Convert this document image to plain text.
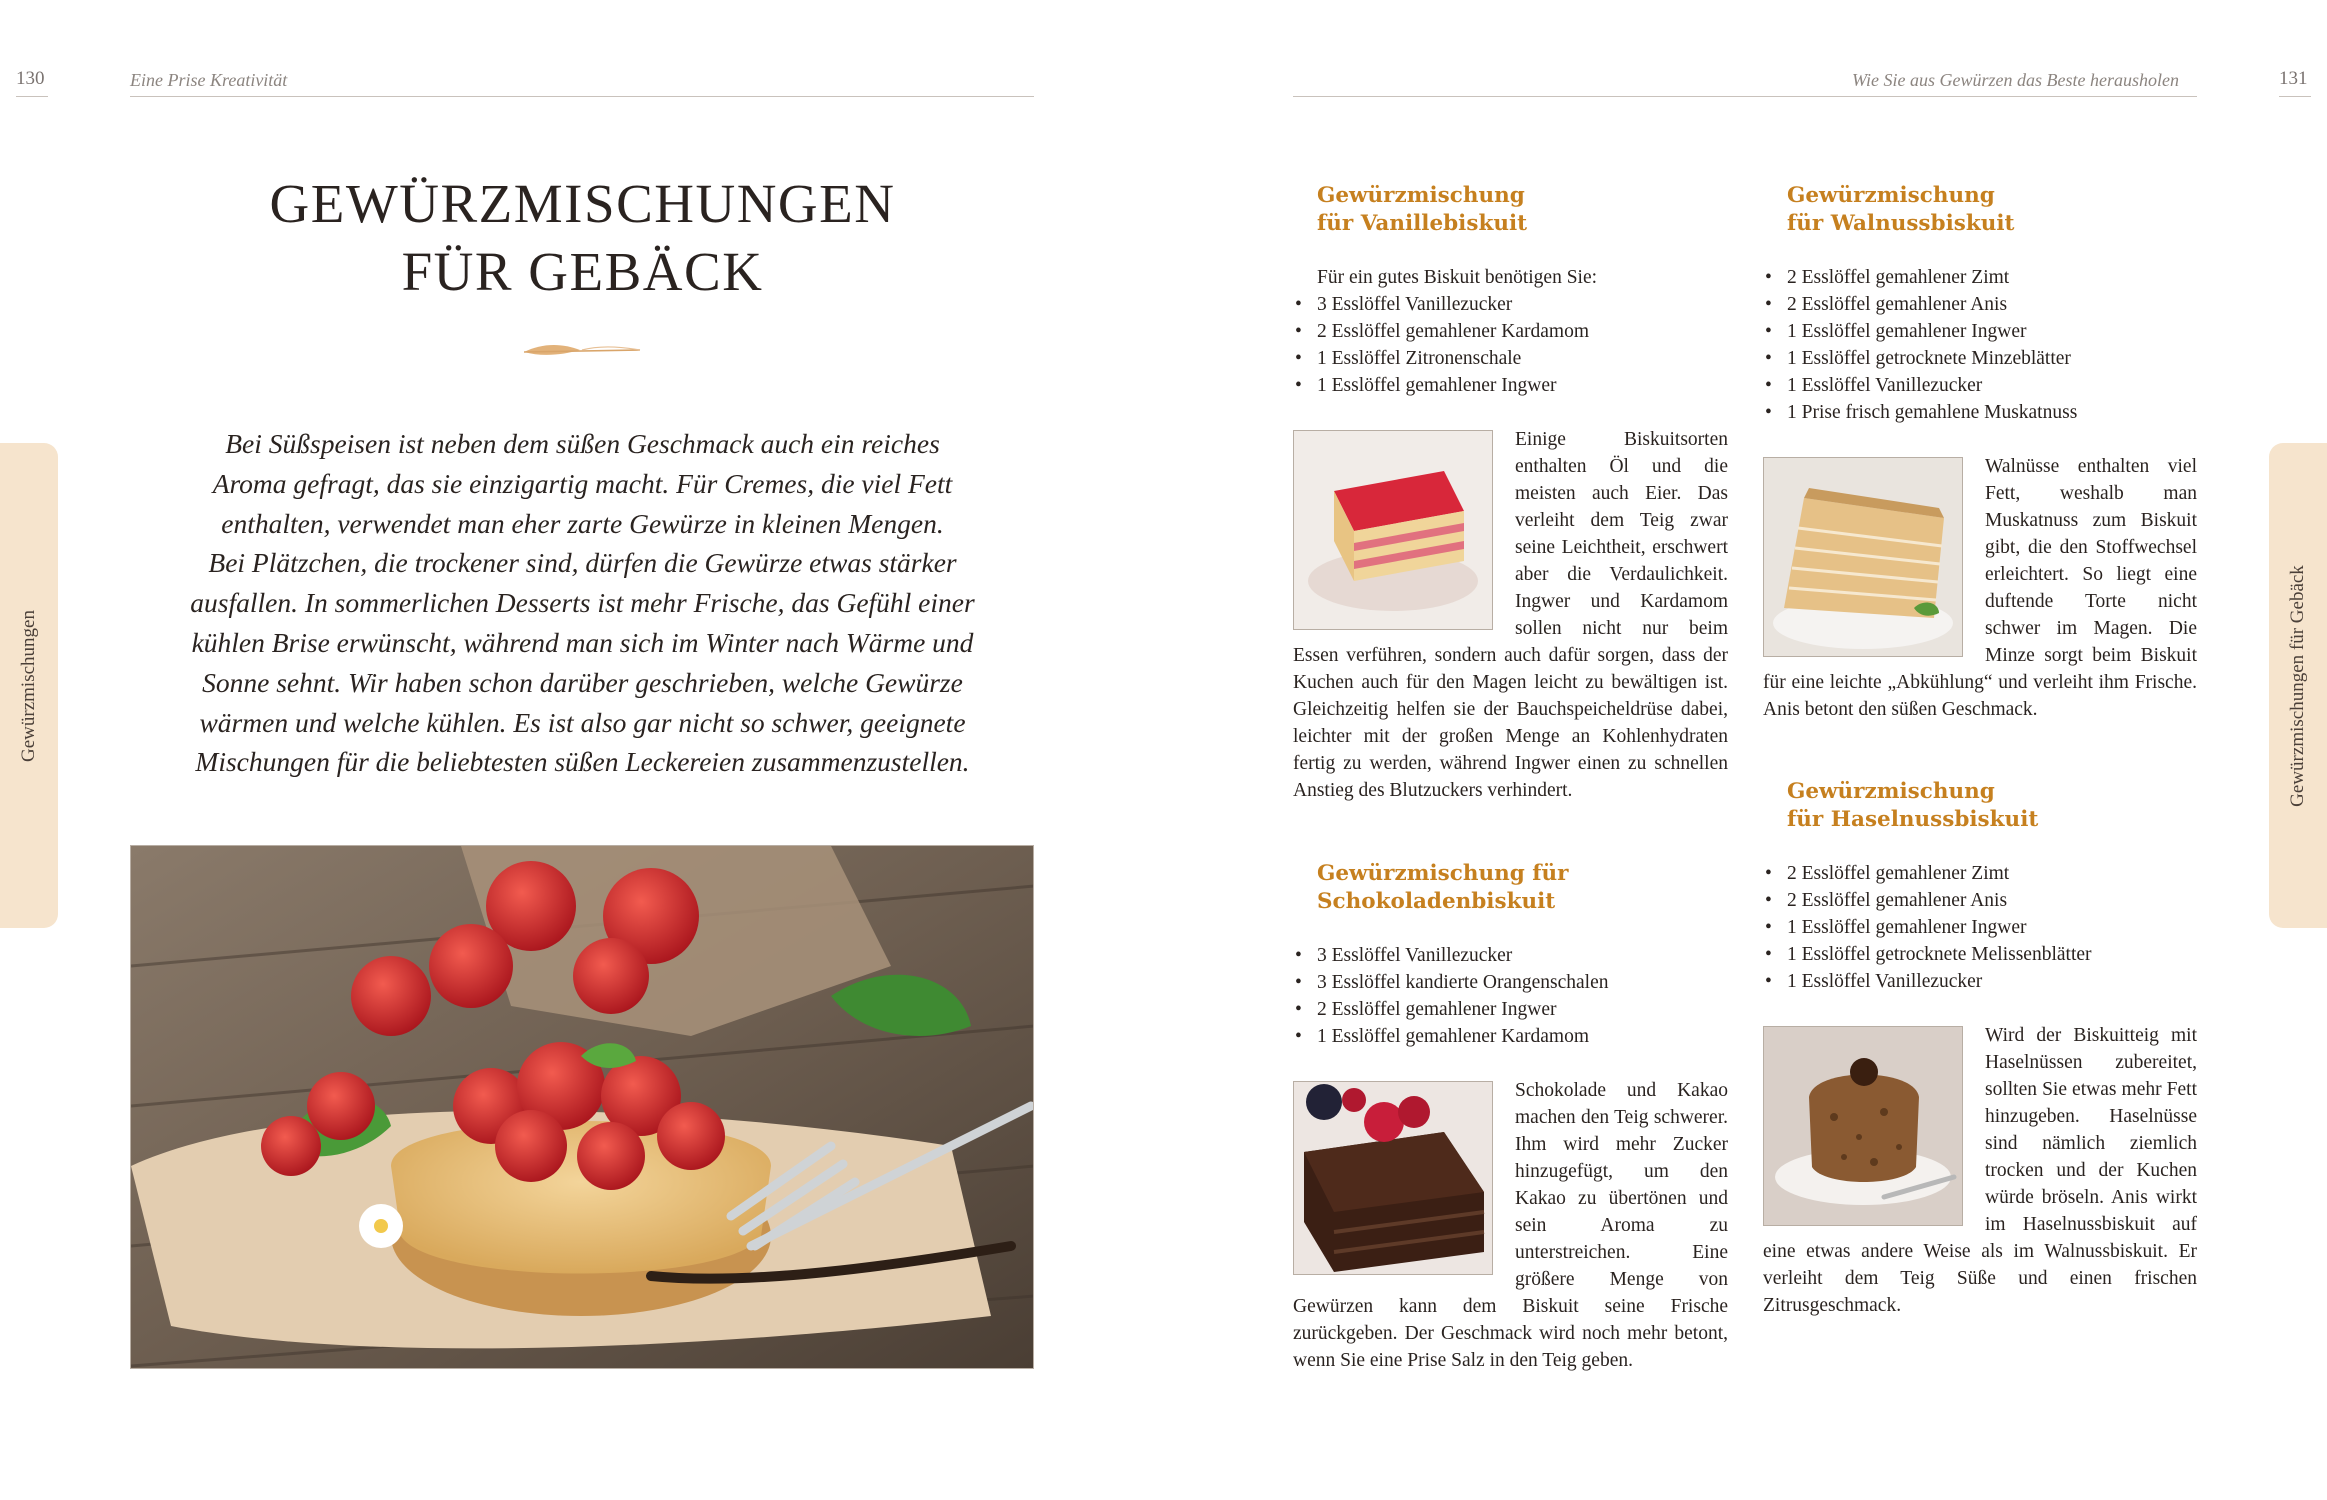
130	Eine Prise Kreativität
Gewürzmischungen
GEWÜRZMISCHUNGEN
FÜR GEBÄCK
Bei Süßspeisen ist neben dem süßen Geschmack auch ein reiches
Aroma gefragt, das sie einzigartig macht. Für Cremes, die viel Fett
enthalten, verwendet man eher zarte Gewürze in kleinen Mengen.
Bei Plätzchen, die trockener sind, dürfen die Gewürze etwas stärker
ausfallen. In sommerlichen Desserts ist mehr Frische, das Gefühl einer
kühlen Brise erwünscht, während man sich im Winter nach Wärme und
Sonne sehnt. Wir haben schon darüber geschrieben, welche Gewürze
wärmen und welche kühlen. Es ist also gar nicht so schwer, geeignete
Mischungen für die beliebtesten süßen Leckereien zusammenzustellen.
Wie Sie aus Gewürzen das Beste herausholen	131
Gewürzmischungen für Gebäck
Gewürzmischung
für Vanillebiskuit
Für ein gutes Biskuit benötigen Sie:
• 3 Esslöffel Vanillezucker
• 2 Esslöffel gemahlener Kardamom
• 1 Esslöffel Zitronenschale
• 1 Esslöffel gemahlener Ingwer
Einige Biskuitsorten enthalten Öl und die meisten auch Eier. Das verleiht dem Teig zwar seine Leichtheit, erschwert aber die Verdaulichkeit. Ingwer und Kardamom sollen nicht nur beim Essen verführen, sondern auch dafür sorgen, dass der Kuchen auch für den Magen leicht zu bewältigen ist. Gleichzeitig helfen sie der Bauchspeicheldrüse dabei, leichter mit der großen Menge an Kohlenhydraten fertig zu werden, während Ingwer einen zu schnellen Anstieg des Blutzuckers verhindert.
Gewürzmischung für
Schokoladenbiskuit
• 3 Esslöffel Vanillezucker
• 3 Esslöffel kandierte Orangenschalen
• 2 Esslöffel gemahlener Ingwer
• 1 Esslöffel gemahlener Kardamom
Schokolade und Kakao machen den Teig schwerer. Ihm wird mehr Zucker hinzugefügt, um den Kakao zu übertönen und sein Aroma zu unterstreichen. Eine größere Menge von Gewürzen kann dem Biskuit seine Frische zurückgeben. Der Geschmack wird noch mehr betont, wenn Sie eine Prise Salz in den Teig geben.
Gewürzmischung
für Walnussbiskuit
• 2 Esslöffel gemahlener Zimt
• 2 Esslöffel gemahlener Anis
• 1 Esslöffel gemahlener Ingwer
• 1 Esslöffel getrocknete Minzeblätter
• 1 Esslöffel Vanillezucker
• 1 Prise frisch gemahlene Muskatnuss
Walnüsse enthalten viel Fett, weshalb man Muskatnuss zum Biskuit gibt, die den Stoffwechsel erleichtert. So liegt eine duftende Torte nicht schwer im Magen. Die Minze sorgt beim Biskuit für eine leichte „Abkühlung“ und verleiht ihm Frische. Anis betont den süßen Geschmack.
Gewürzmischung
für Haselnussbiskuit
• 2 Esslöffel gemahlener Zimt
• 2 Esslöffel gemahlener Anis
• 1 Esslöffel gemahlener Ingwer
• 1 Esslöffel getrocknete Melissenblätter
• 1 Esslöffel Vanillezucker
Wird der Biskuitteig mit Haselnüssen zubereitet, sollten Sie etwas mehr Fett hinzugeben. Haselnüsse sind nämlich ziemlich trocken und der Kuchen würde bröseln. Anis wirkt im Haselnussbiskuit auf eine etwas andere Weise als im Walnussbiskuit. Er verleiht dem Teig Süße und einen frischen Zitrusgeschmack.
